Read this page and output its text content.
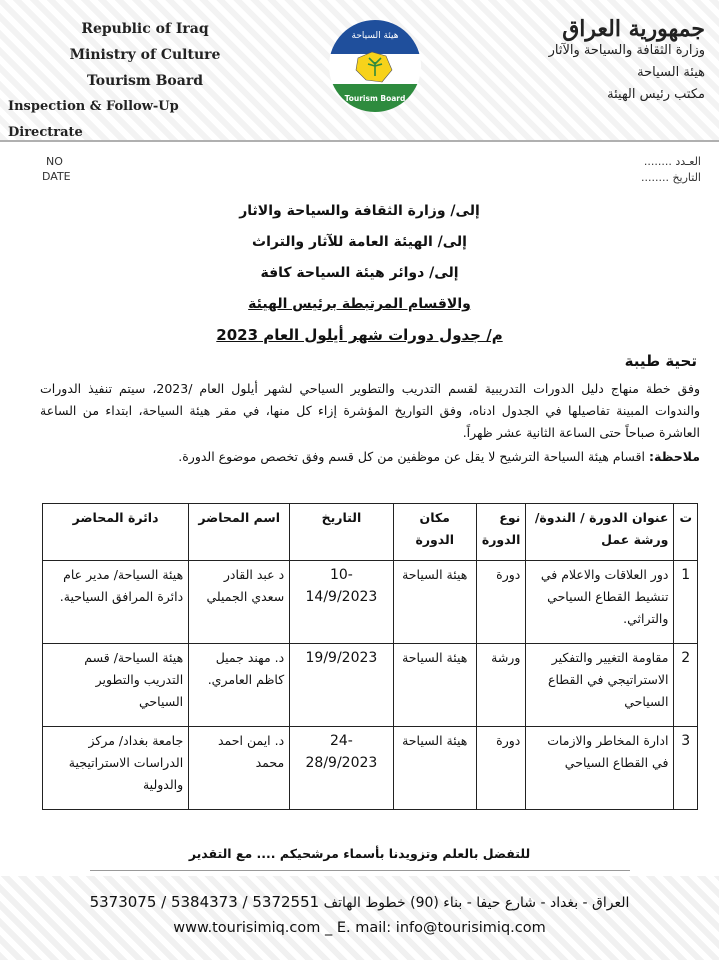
Republic of Iraq
Ministry of Culture
Tourism Board
Inspection & Follow-Up Directrate
هيئة السياحة
Tourism Board
جمهورية العراق
وزارة الثقافة والسياحة والآثار
هيئة السياحة
مكتب رئيس الهيئة
NO
DATE
العـدد ........
التاريخ ........
إلى/ وزارة الثقافة والسياحة والاثار
إلى/ الهيئة العامة للآثار والتراث
إلى/ دوائر هيئة السياحة كافة
والاقسام المرتبطة برئيس الهيئة
م/ جدول دورات شهر أيلول العام 2023
تحية طيبة
وفق خطة منهاج دليل الدورات التدريبية لقسم التدريب والتطوير السياحي لشهر أيلول العام /2023، سيتم تنفيذ الدورات والندوات المبينة تفاصيلها في الجدول ادناه، وفق التواريخ المؤشرة إزاء كل منها، في مقر هيئة السياحة، ابتداء من الساعة العاشرة صباحاً حتى الساعة الثانية عشر ظهراً.
ملاحظة: اقسام هيئة السياحة الترشيح لا يقل عن موظفين من كل قسم وفق تخصص موضوع الدورة.
ت	عنوان الدورة / الندوة/ ورشة عمل	نوع الدورة	مكان الدورة	التاريخ	اسم المحاضر	دائرة المحاضر
1	دور العلاقات والاعلام في تنشيط القطاع السياحي والتراثي.	دورة	هيئة السياحة	10-14/9/2023	د عبد القادر سعدي الجميلي	هيئة السياحة/ مدير عام دائرة المرافق السياحية.
2	مقاومة التغيير والتفكير الاستراتيجي في القطاع السياحي	ورشة	هيئة السياحة	19/9/2023	د. مهند جميل كاظم العامري.	هيئة السياحة/ قسم التدريب والتطوير السياحي
3	ادارة المخاطر والازمات في القطاع السياحي	دورة	هيئة السياحة	24-28/9/2023	د. ايمن احمد محمد	جامعة بغداد/ مركز الدراسات الاستراتيجية والدولية
للتفضل بالعلم وتزويدنا بأسماء مرشحيكم .... مع التقدير
العراق - بغداد - شارع حيفا - بناء (90) خطوط الهاتف 5373075 / 5384373 / 5372551
www.tourisimiq.com _ E. mail: info@tourisimiq.com
